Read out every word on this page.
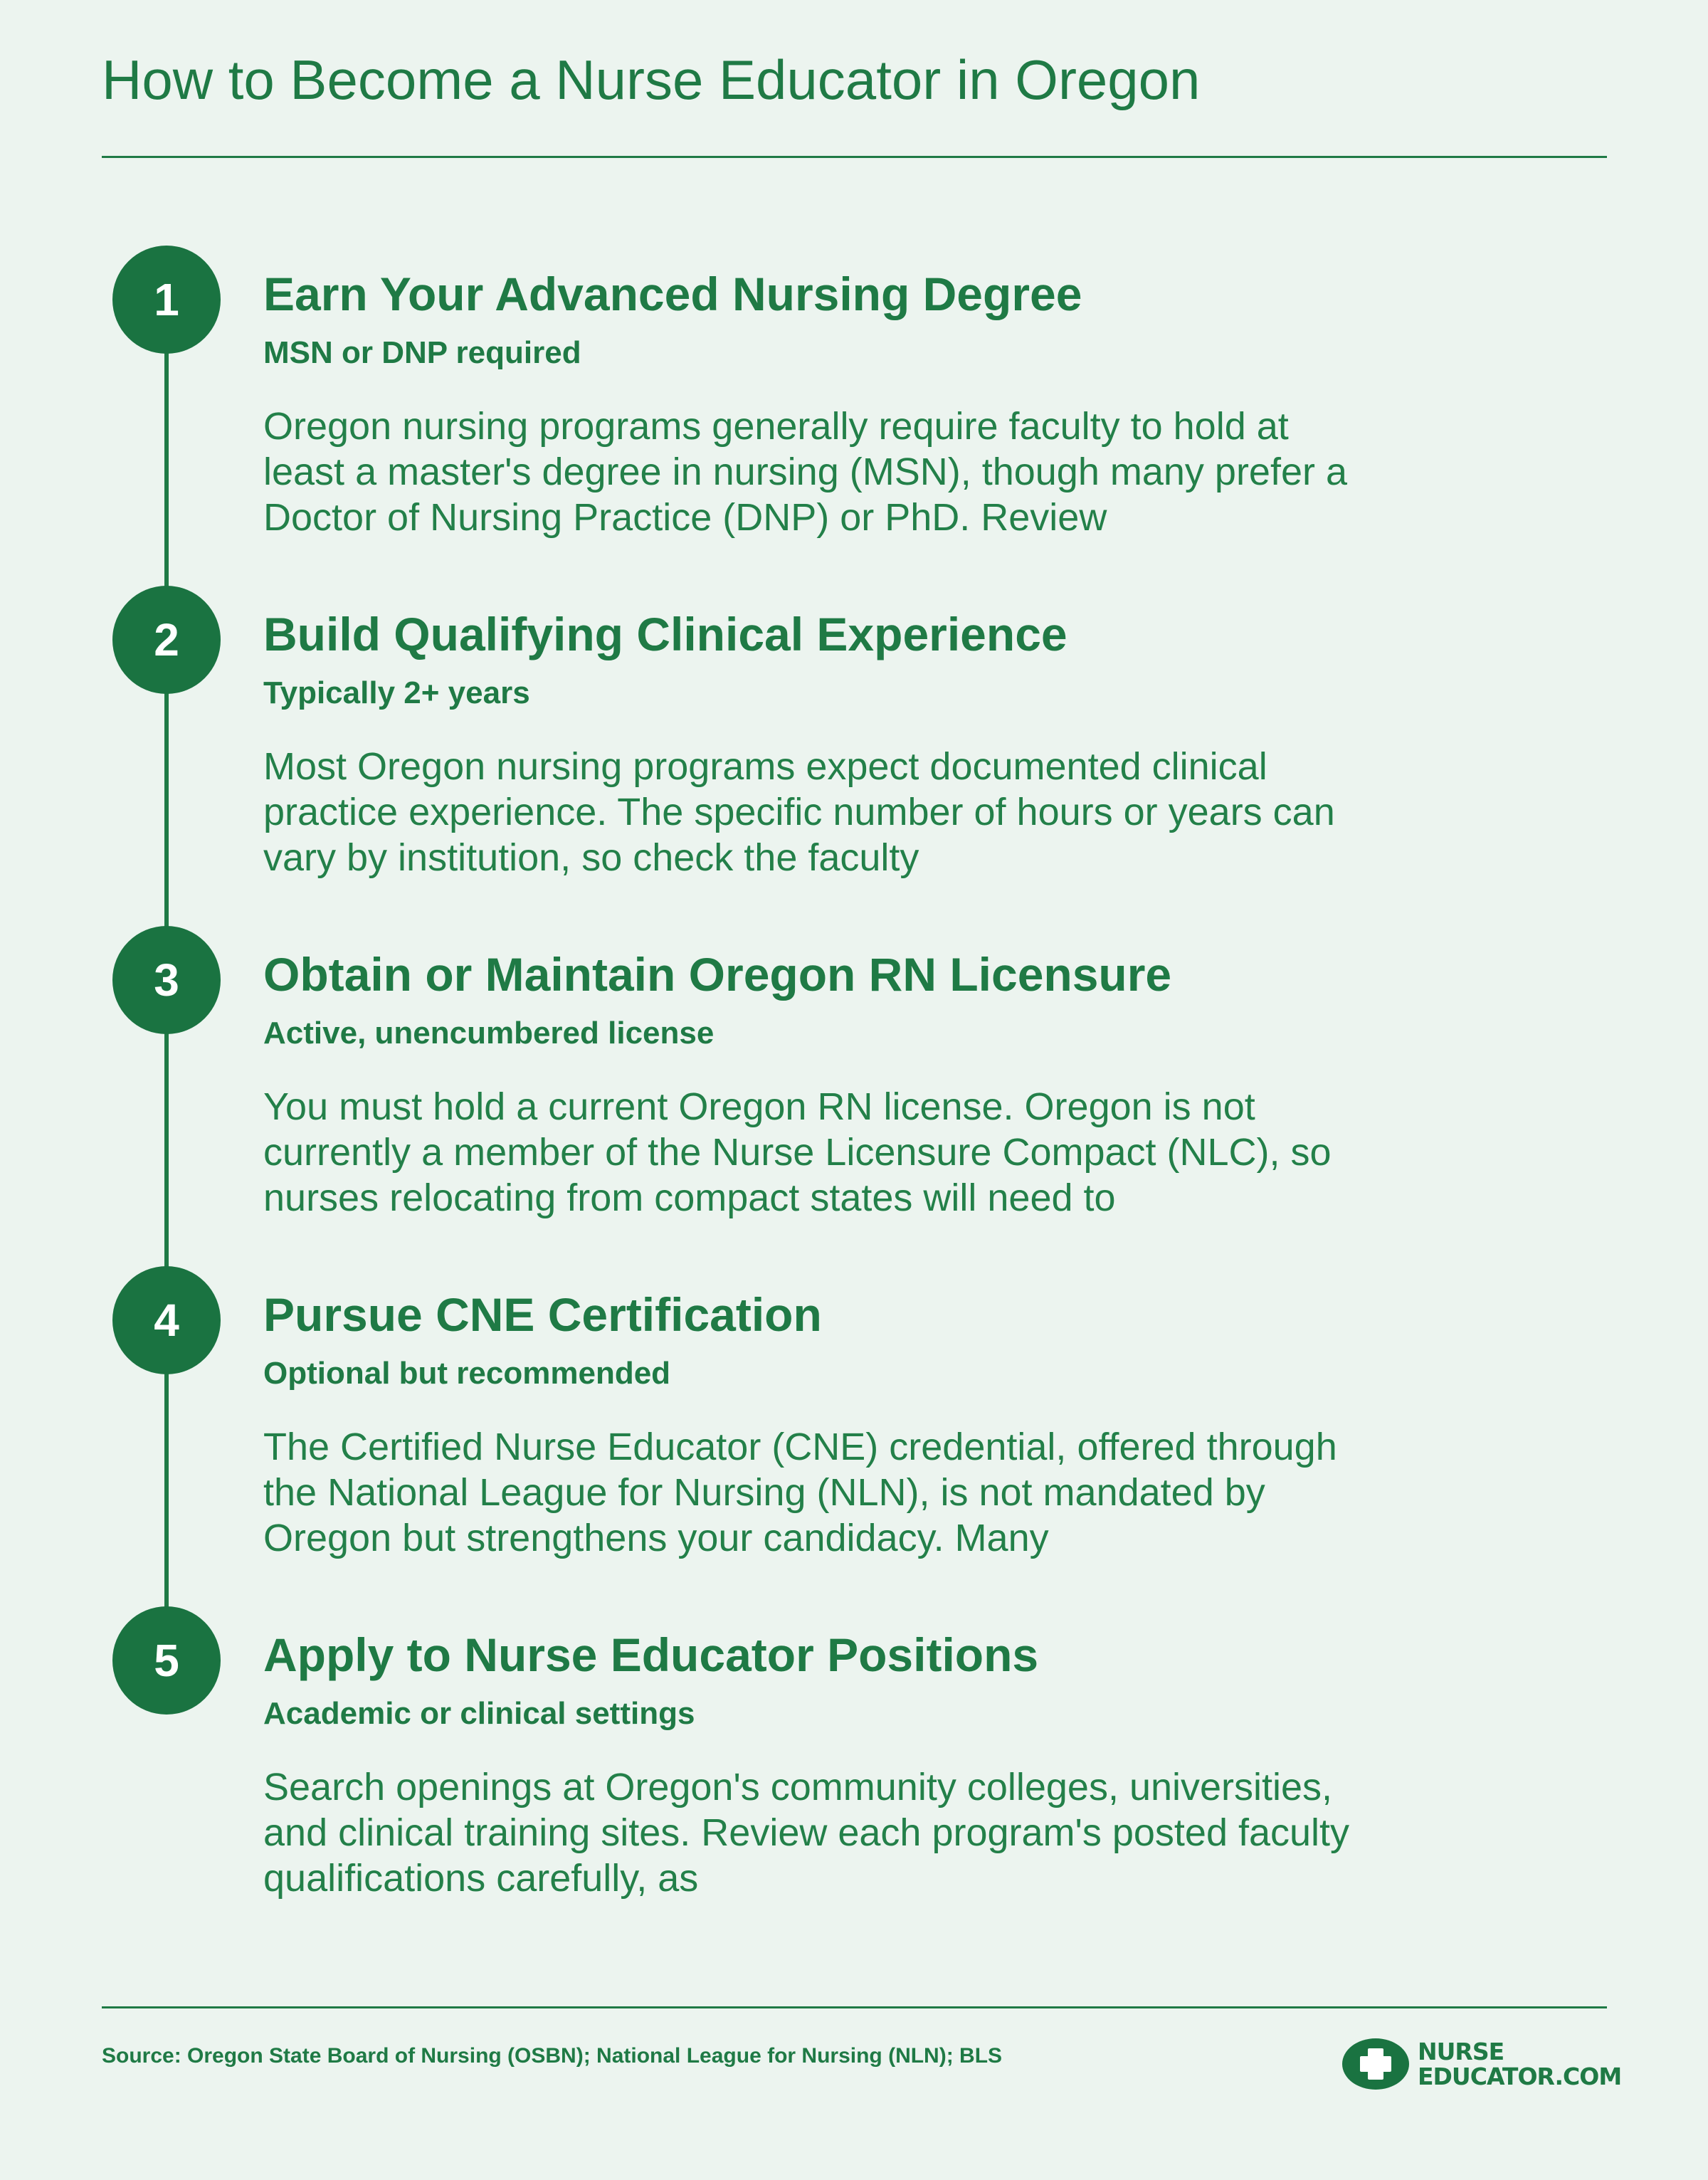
How to Become a Nurse Educator in Oregon
1	Earn Your Advanced Nursing Degree
MSN or DNP required

Oregon nursing programs generally require faculty to hold at least a master's degree in nursing (MSN), though many prefer a Doctor of Nursing Practice (DNP) or PhD. Review

2	Build Qualifying Clinical Experience
Typically 2+ years

Most Oregon nursing programs expect documented clinical practice experience. The specific number of hours or years can vary by institution, so check the faculty

3	Obtain or Maintain Oregon RN Licensure
Active, unencumbered license

You must hold a current Oregon RN license. Oregon is not currently a member of the Nurse Licensure Compact (NLC), so nurses relocating from compact states will need to

4	Pursue CNE Certification
Optional but recommended

The Certified Nurse Educator (CNE) credential, offered through the National League for Nursing (NLN), is not mandated by Oregon but strengthens your candidacy. Many

5	Apply to Nurse Educator Positions
Academic or clinical settings

Search openings at Oregon's community colleges, universities, and clinical training sites. Review each program's posted faculty qualifications carefully, as

Source: Oregon State Board of Nursing (OSBN); National League for Nursing (NLN); BLS	NURSE
EDUCATOR.COM
